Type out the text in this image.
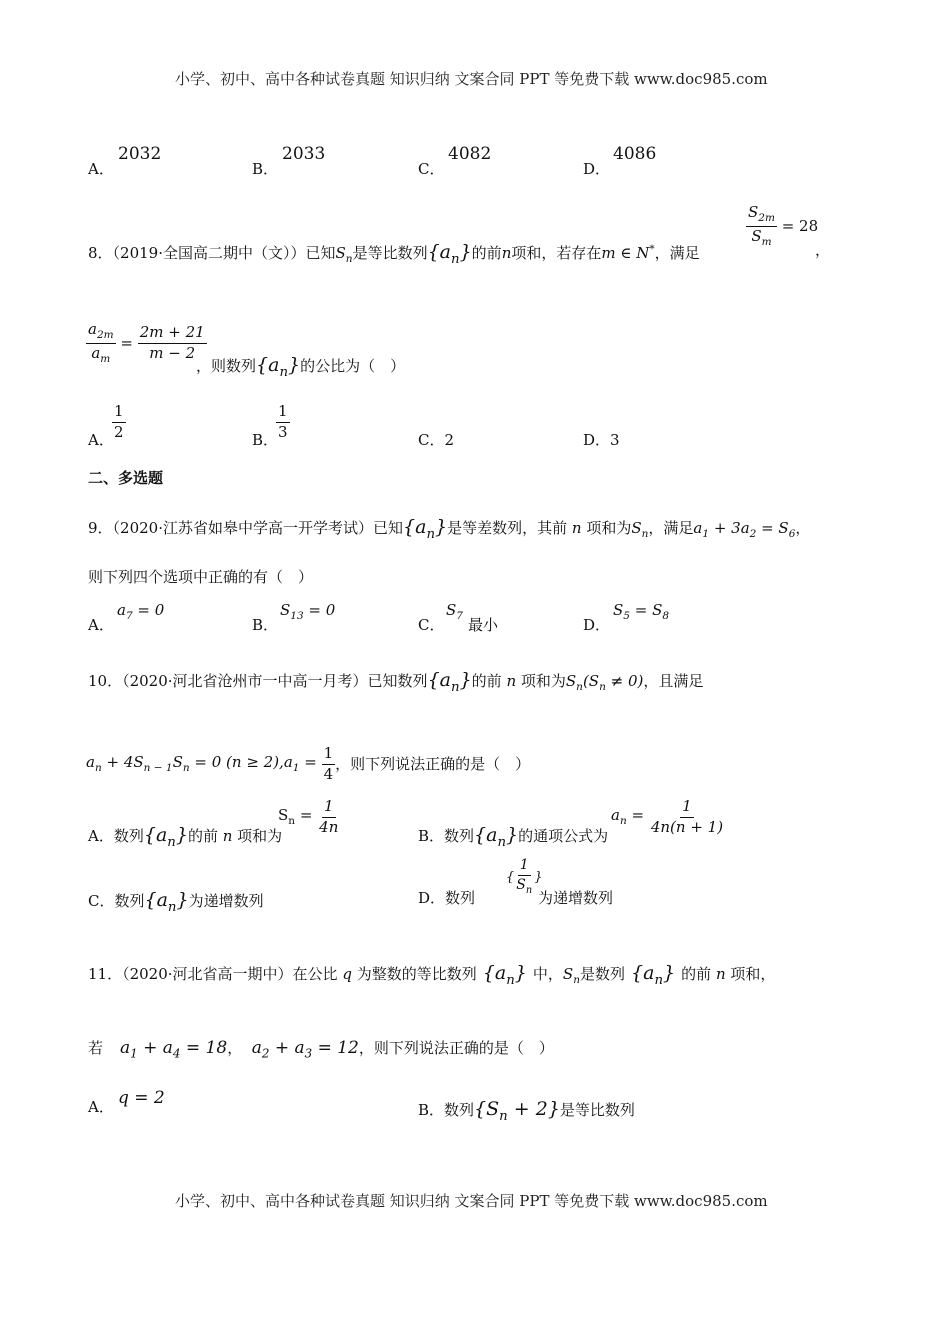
小学、初中、高中各种试卷真题 知识归纳 文案合同 PPT 等免费下载 www.doc985.com
A．
2032
B．
2033
C．
4082
D．
4086
8．（2019·全国高二期中（文））已知$S_n$是等比数列$\{a_n\}$的前n项和，若存在m ∈ N*，满足
$\frac{S_{2m}}{S_m} = 28$
，
$\frac{a_{2m}}{a_m} = \frac{2m + 21}{m - 2}$
，则数列$\{a_n\}$的公比为（　）
A．
$\frac{1}{2}$	B．
$\frac{1}{3}$	C．2	D．3
二、多选题
9．（2020·江苏省如皋中学高一开学考试）已知$\{a_n\}$是等差数列，其前 n 项和为$S_n$，满足$a_1 + 3a_2 = S_6$，
则下列四个选项中正确的有（　）
A．
$a_7 = 0$
B．
$S_{13} = 0$
C．
$S_7$ 最小	D．
$S_5 = S_8$
10．（2020·河北省沧州市一中高一月考）已知数列$\{a_n\}$的前 n 项和为$S_n(S_n \ne 0)$，且满足
$a_n + 4S_{n - 1}S_n = 0$ $(n \ge 2),a_1 = \frac{1}{4}$ ，则下列说法正确的是（　）
A．数列$\{a_n\}$的前 n 项和为
$S_n = \frac{1}{4n}$
B．数列$\{a_n\}$的通项公式为
$a_n = \frac{1}{4n(n + 1)}$
C．数列$\{a_n\}$为递增数列	D．数列
{ $\frac{1}{S_n}$ }
为递增数列
11．（2020·河北省高一期中）在公比 q 为整数的等比数列 $\{a_n\}$ 中，$S_n$是数列 $\{a_n\}$ 的前 n 项和，
若　$a_1 + a_4 = 18$，　$a_2 + a_3 = 12$，则下列说法正确的是（　）
A． q = 2
B．数列$\{S_n + 2\}$是等比数列
小学、初中、高中各种试卷真题 知识归纳 文案合同 PPT 等免费下载 www.doc985.com
